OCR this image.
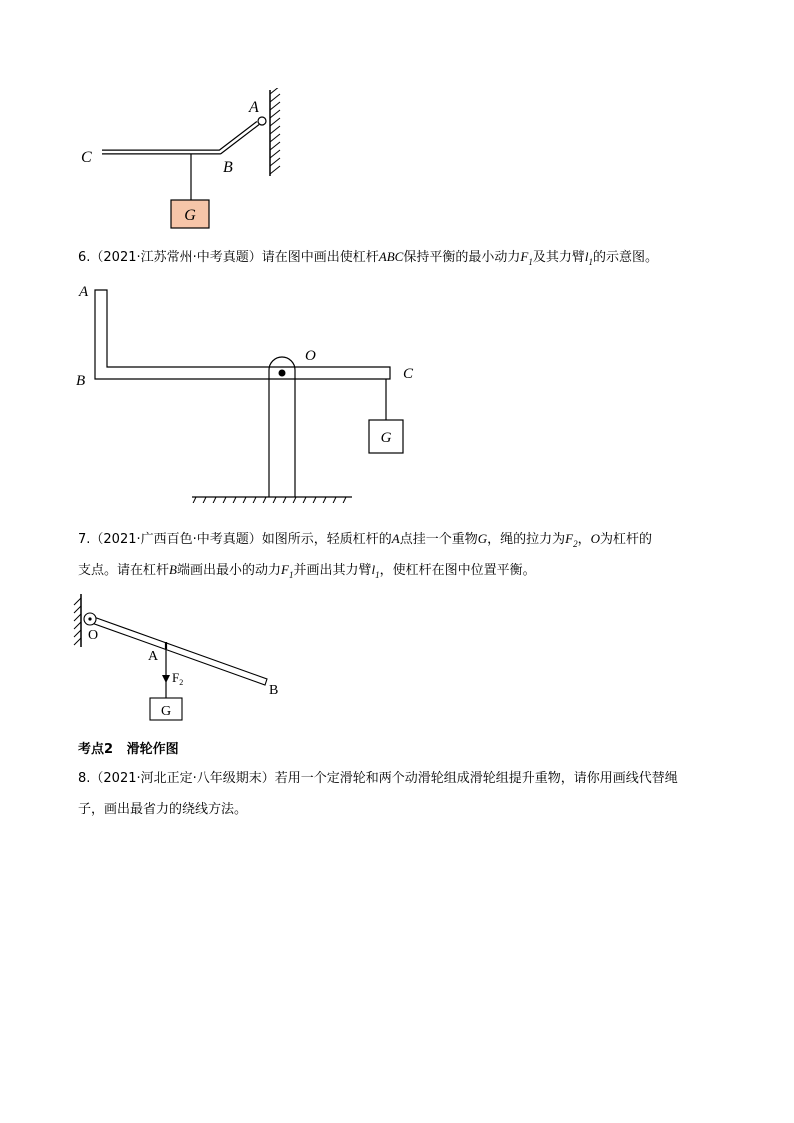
G
A
B
C
6.（2021·江苏常州·中考真题）请在图中画出使杠杆ABC保持平衡的最小动力$F_1$及其力臂$l_1$的示意图。
G
A
B	C
O
7.（2021·广西百色·中考真题）如图所示，轻质杠杆的A点挂一个重物G，绳的拉力为$F_2$，O为杠杆的
支点。请在杠杆B端画出最小的动力$F_1$并画出其力臂$l_1$，使杠杆在图中位置平衡。
G
O
A
B
$F_2$
考点2   滑轮作图
8.（2021·河北正定·八年级期末）若用一个定滑轮和两个动滑轮组成滑轮组提升重物，请你用画线代替绳
子，画出最省力的绕线方法。
